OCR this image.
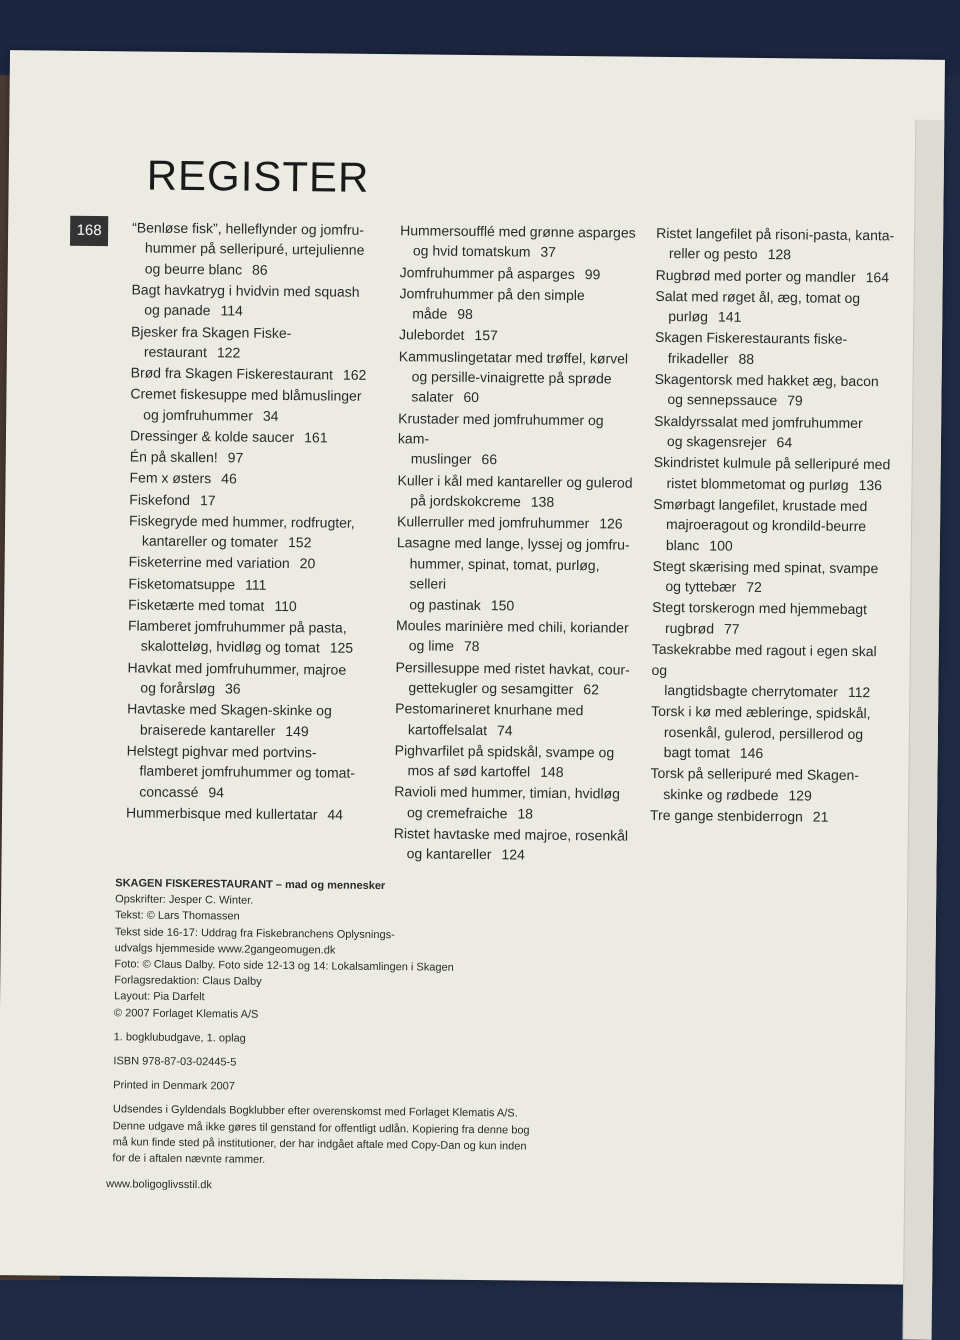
REGISTER
168	“Benløse fisk”, helleflynder og jomfru-
hummer på selleripuré, urtejulienne
og beurre blanc 86
Bagt havkatryg i hvidvin med squash
og panade 114
Bjesker fra Skagen Fiske-
restaurant 122
Brød fra Skagen Fiskerestaurant 162
Cremet fiskesuppe med blåmuslinger
og jomfruhummer 34
Dressinger & kolde saucer 161
Én på skallen! 97
Fem x østers 46
Fiskefond 17
Fiskegryde med hummer, rodfrugter,
kantareller og tomater 152
Fisketerrine med variation 20
Fisketomatsuppe 111
Fisketærte med tomat 110
Flamberet jomfruhummer på pasta,
skalotteløg, hvidløg og tomat 125
Havkat med jomfruhummer, majroe
og forårsløg 36
Havtaske med Skagen-skinke og
braiserede kantareller 149
Helstegt pighvar med portvins-
flamberet jomfruhummer og tomat-
concassé 94
Hummerbisque med kullertatar 44
Hummersoufflé med grønne asparges
og hvid tomatskum 37
Jomfruhummer på asparges 99
Jomfruhummer på den simple
måde 98
Julebordet 157
Kammuslingetatar med trøffel, kørvel
og persille-vinaigrette på sprøde
salater 60
Krustader med jomfruhummer og kam-
muslinger 66
Kuller i kål med kantareller og gulerod
på jordskokcreme 138
Kullerruller med jomfruhummer 126
Lasagne med lange, lyssej og jomfru-
hummer, spinat, tomat, purløg, selleri
og pastinak 150
Moules marinière med chili, koriander
og lime 78
Persillesuppe med ristet havkat, cour-
gettekugler og sesamgitter 62
Pestomarineret knurhane med
kartoffelsalat 74
Pighvarfilet på spidskål, svampe og
mos af sød kartoffel 148
Ravioli med hummer, timian, hvidløg
og cremefraiche 18
Ristet havtaske med majroe, rosenkål
og kantareller 124
Ristet langefilet på risoni-pasta, kanta-
reller og pesto 128
Rugbrød med porter og mandler 164
Salat med røget ål, æg, tomat og
purløg 141
Skagen Fiskerestaurants fiske-
frikadeller 88
Skagentorsk med hakket æg, bacon
og sennepssauce 79
Skaldyrssalat med jomfruhummer
og skagensrejer 64
Skindristet kulmule på selleripuré med
ristet blommetomat og purløg 136
Smørbagt langefilet, krustade med
majroeragout og krondild-beurre
blanc 100
Stegt skærising med spinat, svampe
og tyttebær 72
Stegt torskerogn med hjemmebagt
rugbrød 77
Taskekrabbe med ragout i egen skal og
langtidsbagte cherrytomater 112
Torsk i kø med æbleringe, spidskål,
rosenkål, gulerod, persillerod og
bagt tomat 146
Torsk på selleripuré med Skagen-
skinke og rødbede 129
Tre gange stenbiderrogn 21
SKAGEN FISKERESTAURANT – mad og mennesker
Opskrifter: Jesper C. Winter.
Tekst: © Lars Thomassen
Tekst side 16-17: Uddrag fra Fiskebranchens Oplysnings-
udvalgs hjemmeside www.2gangeomugen.dk
Foto: © Claus Dalby. Foto side 12-13 og 14: Lokalsamlingen i Skagen
Forlagsredaktion: Claus Dalby
Layout: Pia Darfelt
© 2007 Forlaget Klematis A/S
1. bogklubudgave, 1. oplag
ISBN 978-87-03-02445-5
Printed in Denmark 2007
Udsendes i Gyldendals Bogklubber efter overenskomst med Forlaget Klematis A/S.
Denne udgave må ikke gøres til genstand for offentligt udlån. Kopiering fra denne bog
må kun finde sted på institutioner, der har indgået aftale med Copy-Dan og kun inden
for de i aftalen nævnte rammer.
www.boligoglivsstil.dk
